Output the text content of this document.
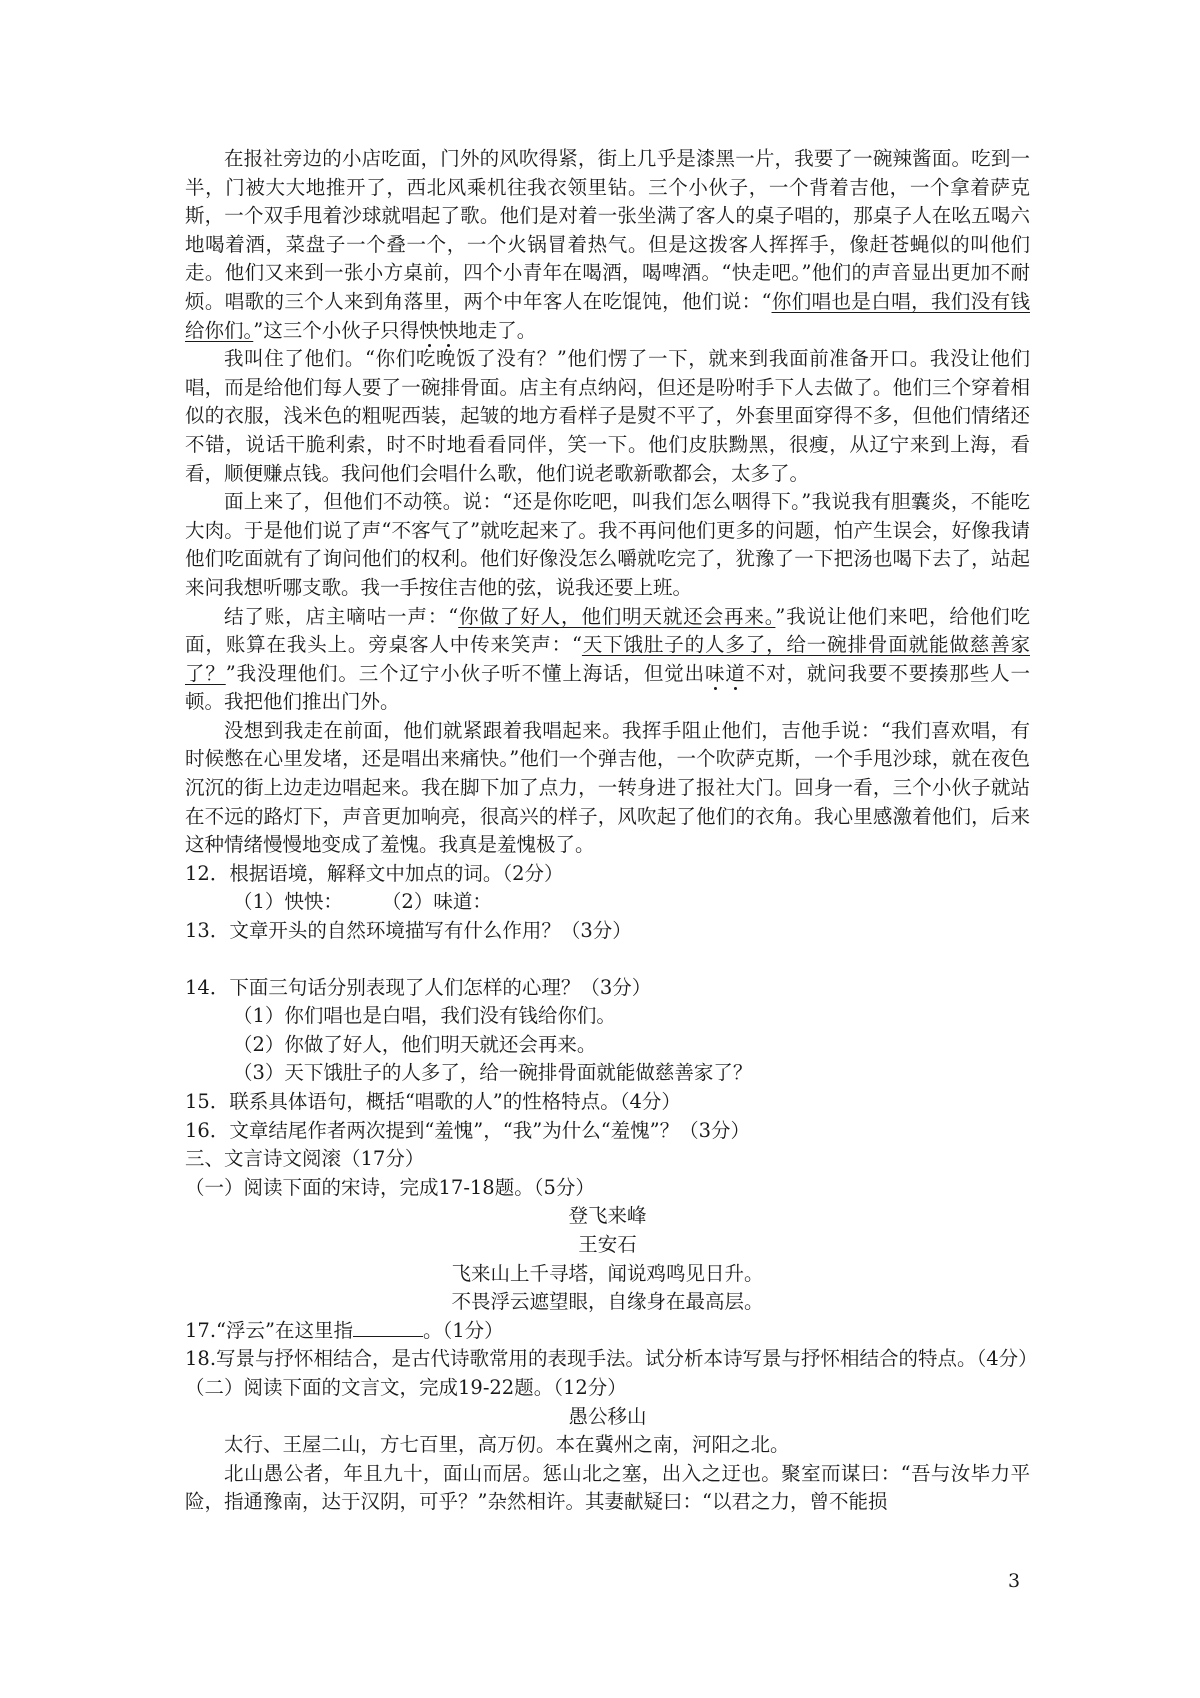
在报社旁边的小店吃面，门外的风吹得紧，街上几乎是漆黑一片，我要了一碗辣酱面。吃到一半，门被大大地推开了，西北风乘机往我衣领里钻。三个小伙子，一个背着吉他，一个拿着萨克斯，一个双手甩着沙球就唱起了歌。他们是对着一张坐满了客人的桌子唱的，那桌子人在吆五喝六地喝着酒，菜盘子一个叠一个，一个火锅冒着热气。但是这拨客人挥挥手，像赶苍蝇似的叫他们走。他们又来到一张小方桌前，四个小青年在喝酒，喝啤酒。“快走吧。”他们的声音显出更加不耐烦。唱歌的三个人来到角落里，两个中年客人在吃馄饨，他们说：“你们唱也是白唱，我们没有钱给你们。”这三个小伙子只得怏怏地走了。

我叫住了他们。“你们吃晚饭了没有？”他们愣了一下，就来到我面前准备开口。我没让他们唱，而是给他们每人要了一碗排骨面。店主有点纳闷，但还是吩咐手下人去做了。他们三个穿着相似的衣服，浅米色的粗呢西装，起皱的地方看样子是熨不平了，外套里面穿得不多，但他们情绪还不错，说话干脆利索，时不时地看看同伴，笑一下。他们皮肤黝黑，很瘦，从辽宁来到上海，看看，顺便赚点钱。我问他们会唱什么歌，他们说老歌新歌都会，太多了。

面上来了，但他们不动筷。说：“还是你吃吧，叫我们怎么咽得下。”我说我有胆囊炎，不能吃大肉。于是他们说了声“不客气了”就吃起来了。我不再问他们更多的问题，怕产生误会，好像我请他们吃面就有了询问他们的权利。他们好像没怎么嚼就吃完了，犹豫了一下把汤也喝下去了，站起来问我想听哪支歌。我一手按住吉他的弦，说我还要上班。

结了账，店主嘀咕一声：“你做了好人，他们明天就还会再来。”我说让他们来吧，给他们吃面，账算在我头上。旁桌客人中传来笑声：“天下饿肚子的人多了，给一碗排骨面就能做慈善家了？”我没理他们。三个辽宁小伙子听不懂上海话，但觉出味道不对，就问我要不要揍那些人一顿。我把他们推出门外。

没想到我走在前面，他们就紧跟着我唱起来。我挥手阻止他们，吉他手说：“我们喜欢唱，有时候憋在心里发堵，还是唱出来痛快。”他们一个弹吉他，一个吹萨克斯，一个手甩沙球，就在夜色沉沉的街上边走边唱起来。我在脚下加了点力，一转身进了报社大门。回身一看，三个小伙子就站在不远的路灯下，声音更加响亮，很高兴的样子，风吹起了他们的衣角。我心里感激着他们，后来这种情绪慢慢地变成了羞愧。我真是羞愧极了。

12．根据语境，解释文中加点的词。（2分）

（1）怏怏：　　　（2）味道：

13．文章开头的自然环境描写有什么作用？（3分）

14．下面三句话分别表现了人们怎样的心理？（3分）

（1）你们唱也是白唱，我们没有钱给你们。

（2）你做了好人，他们明天就还会再来。

（3）天下饿肚子的人多了，给一碗排骨面就能做慈善家了？

15．联系具体语句，概括“唱歌的人”的性格特点。（4分）

16．文章结尾作者两次提到“羞愧”，“我”为什么“羞愧”？（3分）

三、文言诗文阅滚（17分）

（一）阅读下面的宋诗，完成17-18题。（5分）

登飞来峰

王安石

飞来山上千寻塔，闻说鸡鸣见日升。

不畏浮云遮望眼，自缘身在最高层。

17.“浮云”在这里指	。（1分）

18.写景与抒怀相结合，是古代诗歌常用的表现手法。试分析本诗写景与抒怀相结合的特点。（4分）

（二）阅读下面的文言文，完成19-22题。（12分）

愚公移山

太行、王屋二山，方七百里，高万仞。本在冀州之南，河阳之北。

北山愚公者，年且九十，面山而居。惩山北之塞，出入之迂也。聚室而谋曰：“吾与汝毕力平险，指通豫南，达于汉阴，可乎？”杂然相许。其妻献疑曰：“以君之力，曾不能损

3
